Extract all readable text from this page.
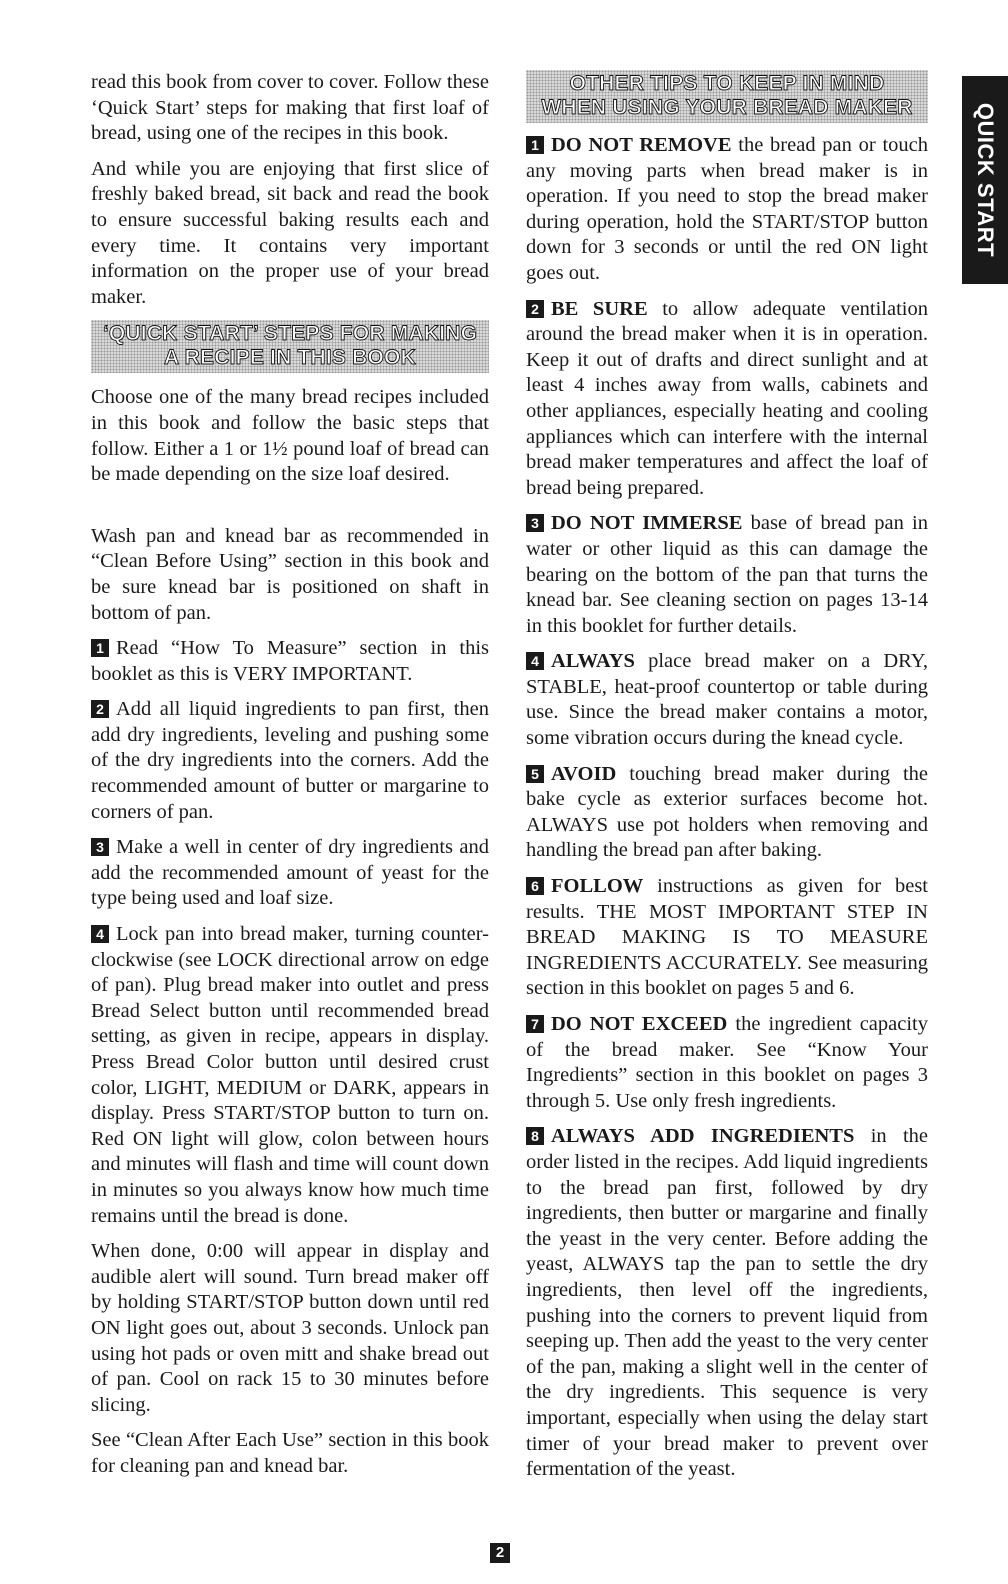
read this book from cover to cover. Follow these ‘Quick Start’ steps for making that first loaf of bread, using one of the recipes in this book.

And while you are enjoying that first slice of freshly baked bread, sit back and read the book to ensure successful baking results each and every time. It contains very important information on the proper use of your bread maker.

‘QUICK START’ STEPS FOR MAKING
A RECIPE IN THIS BOOK

Choose one of the many bread recipes included in this book and follow the basic steps that follow. Either a 1 or 1½ pound loaf of bread can be made depending on the size loaf desired.

Wash pan and knead bar as recommended in “Clean Before Using” section in this book and be sure knead bar is positioned on shaft in bottom of pan.

1 Read “How To Measure” section in this booklet as this is VERY IMPORTANT.

2 Add all liquid ingredients to pan first, then add dry ingredients, leveling and pushing some of the dry ingredients into the corners. Add the recommended amount of butter or margarine to corners of pan.

3 Make a well in center of dry ingredients and add the recommended amount of yeast for the type being used and loaf size.

4 Lock pan into bread maker, turning counter-clockwise (see LOCK directional arrow on edge of pan). Plug bread maker into outlet and press Bread Select button until recommended bread setting, as given in recipe, appears in display. Press Bread Color button until desired crust color, LIGHT, MEDIUM or DARK, appears in display. Press START/STOP button to turn on. Red ON light will glow, colon between hours and minutes will flash and time will count down in minutes so you always know how much time remains until the bread is done.

When done, 0:00 will appear in display and audible alert will sound. Turn bread maker off by holding START/STOP button down until red ON light goes out, about 3 seconds. Unlock pan using hot pads or oven mitt and shake bread out of pan. Cool on rack 15 to 30 minutes before slicing.

See “Clean After Each Use” section in this book for cleaning pan and knead bar.

OTHER TIPS TO KEEP IN MIND
WHEN USING YOUR BREAD MAKER

1 DO NOT REMOVE the bread pan or touch any moving parts when bread maker is in operation. If you need to stop the bread maker during operation, hold the START/STOP button down for 3 seconds or until the red ON light goes out.

2 BE SURE to allow adequate ventilation around the bread maker when it is in operation. Keep it out of drafts and direct sunlight and at least 4 inches away from walls, cabinets and other appliances, especially heating and cooling appliances which can interfere with the internal bread maker temperatures and affect the loaf of bread being prepared.

3 DO NOT IMMERSE base of bread pan in water or other liquid as this can damage the bearing on the bottom of the pan that turns the knead bar. See cleaning section on pages 13-14 in this booklet for further details.

4 ALWAYS place bread maker on a DRY, STABLE, heat-proof countertop or table during use. Since the bread maker contains a motor, some vibration occurs during the knead cycle.

5 AVOID touching bread maker during the bake cycle as exterior surfaces become hot. ALWAYS use pot holders when removing and handling the bread pan after baking.

6 FOLLOW instructions as given for best results. THE MOST IMPORTANT STEP IN BREAD MAKING IS TO MEASURE INGREDIENTS ACCURATELY. See measuring section in this booklet on pages 5 and 6.

7 DO NOT EXCEED the ingredient capacity of the bread maker. See “Know Your Ingredients” section in this booklet on pages 3 through 5. Use only fresh ingredients.

8 ALWAYS ADD INGREDIENTS in the order listed in the recipes. Add liquid ingredients to the bread pan first, followed by dry ingredients, then butter or margarine and finally the yeast in the very center. Before adding the yeast, ALWAYS tap the pan to settle the dry ingredients, then level off the ingredients, pushing into the corners to prevent liquid from seeping up. Then add the yeast to the very center of the pan, making a slight well in the center of the dry ingredients. This sequence is very important, especially when using the delay start timer of your bread maker to prevent over fermentation of the yeast.

QUICK START
2
